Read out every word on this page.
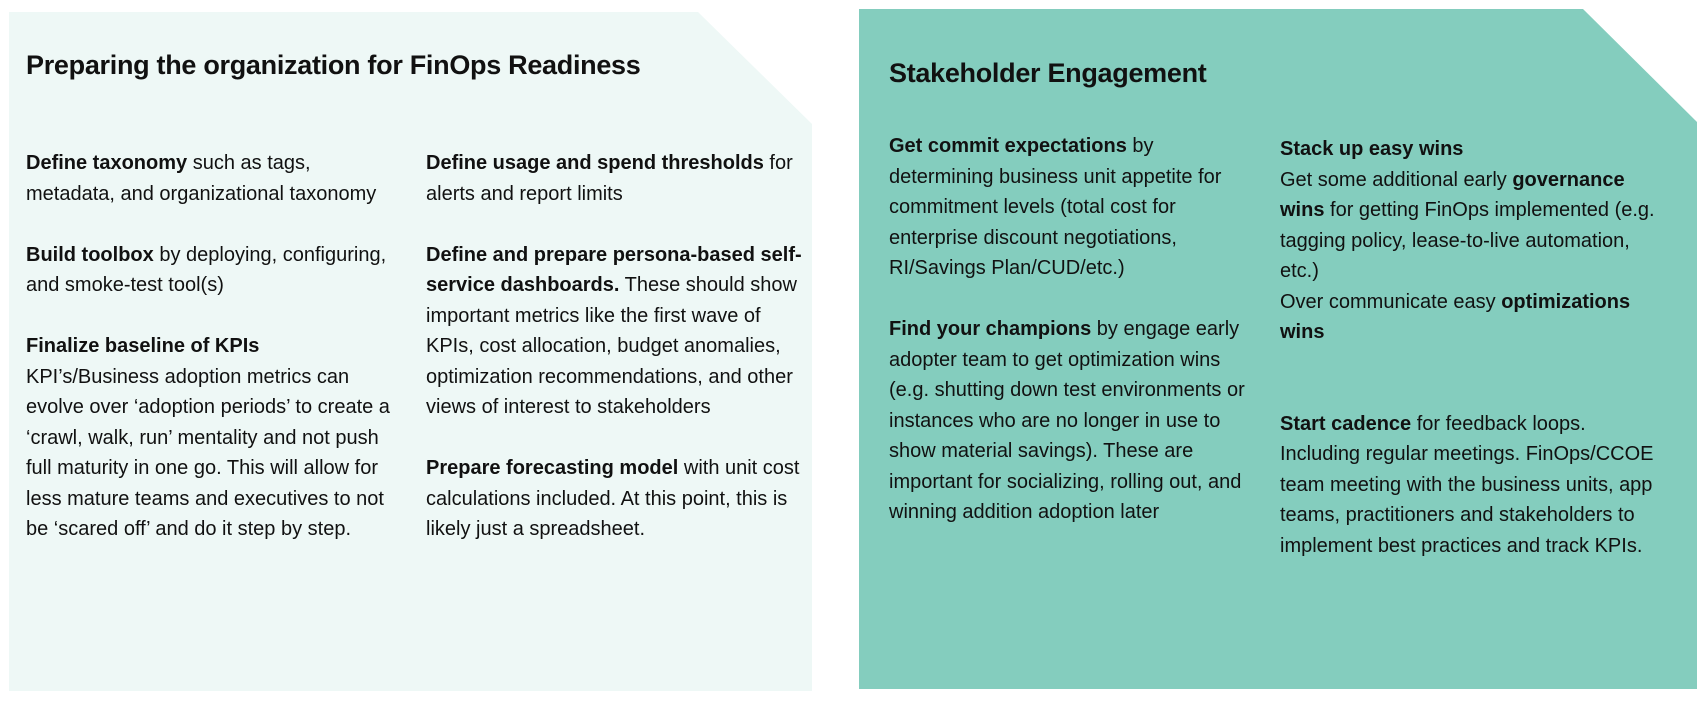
Preparing the organization for FinOps Readiness	Stakeholder Engagement
Define taxonomy such as tags, metadata, and organizational taxonomy
Build toolbox by deploying, configuring, and smoke-test tool(s)
Finalize baseline of KPIs
KPI’s/Business adoption metrics can evolve over ‘adoption periods’ to create a ‘crawl, walk, run’ mentality and not push full maturity in one go. This will allow for less mature teams and executives to not be ‘scared off’ and do it step by step.
Define usage and spend thresholds for alerts and report limits
Define and prepare persona-based self-service dashboards. These should show important metrics like the first wave of KPIs, cost allocation, budget anomalies, optimization recommendations, and other views of interest to stakeholders
Prepare forecasting model with unit cost calculations included. At this point, this is likely just a spreadsheet.
Get commit expectations by determining business unit appetite for commitment levels (total cost for enterprise discount negotiations, RI/Savings Plan/CUD/etc.)
Find your champions by engage early adopter team to get optimization wins (e.g. shutting down test environments or instances who are no longer in use to show material savings). These are important for socializing, rolling out, and winning addition adoption later
Stack up easy wins
Get some additional early governance wins for getting FinOps implemented (e.g. tagging policy, lease-to-live automation, etc.)
Over communicate easy optimizations wins
Start cadence for feedback loops. Including regular meetings. FinOps/CCOE team meeting with the business units, app teams, practitioners and stakeholders to implement best practices and track KPIs.
